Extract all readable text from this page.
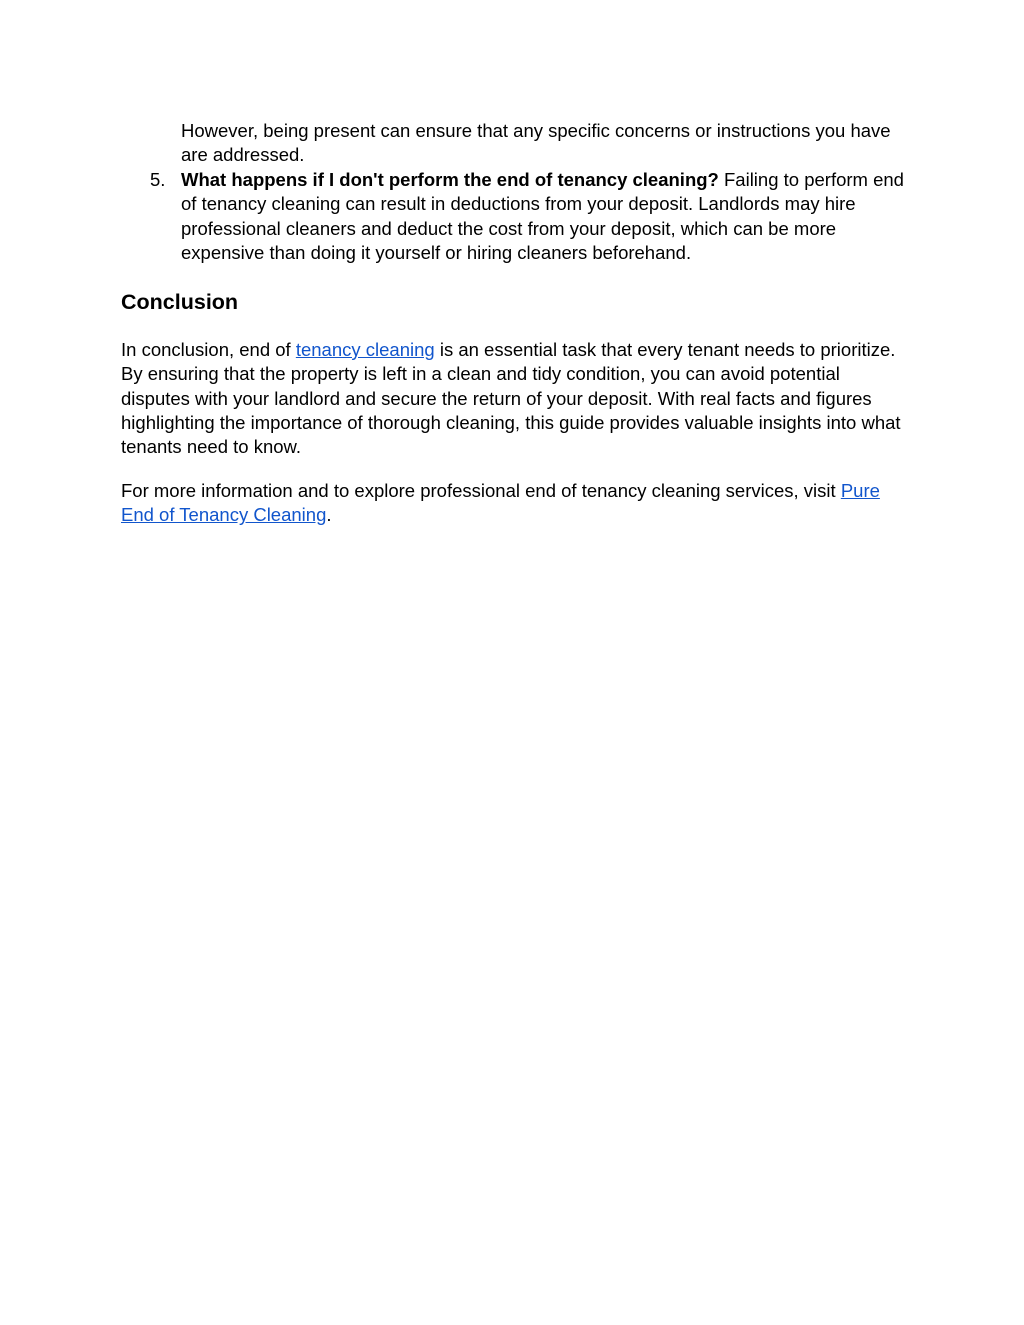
However, being present can ensure that any specific concerns or instructions you have are addressed.

5. What happens if I don't perform the end of tenancy cleaning? Failing to perform end of tenancy cleaning can result in deductions from your deposit. Landlords may hire professional cleaners and deduct the cost from your deposit, which can be more expensive than doing it yourself or hiring cleaners beforehand.

Conclusion

In conclusion, end of tenancy cleaning is an essential task that every tenant needs to prioritize. By ensuring that the property is left in a clean and tidy condition, you can avoid potential disputes with your landlord and secure the return of your deposit. With real facts and figures highlighting the importance of thorough cleaning, this guide provides valuable insights into what tenants need to know.

For more information and to explore professional end of tenancy cleaning services, visit Pure End of Tenancy Cleaning.
